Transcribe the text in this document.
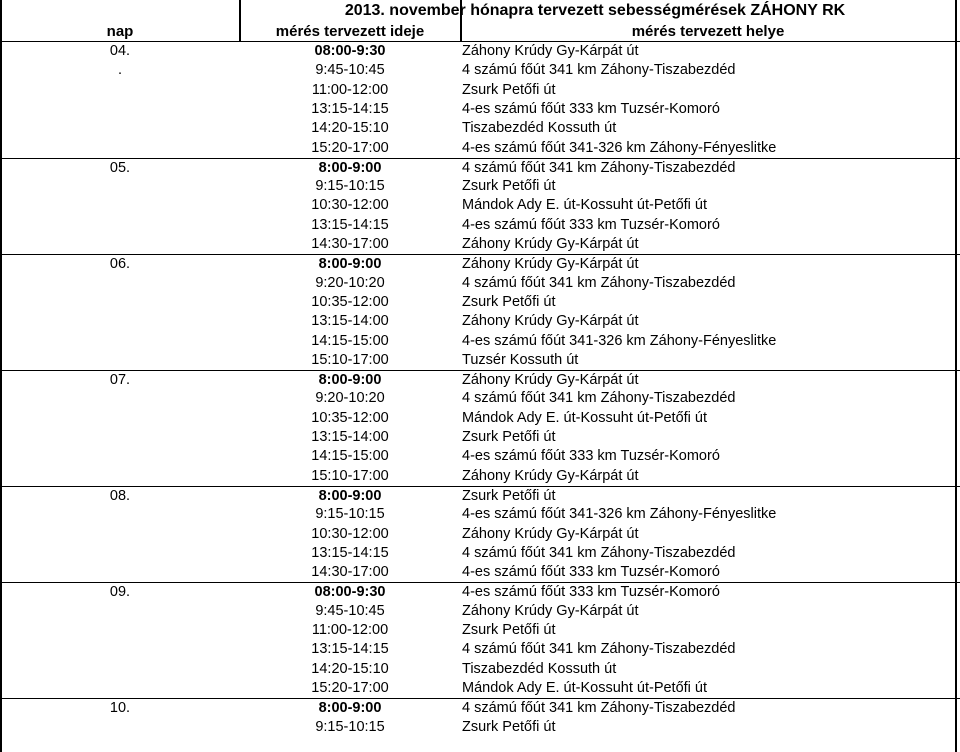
2013. november hónapra tervezett sebességmérések ZÁHONY RK
nap	mérés tervezett ideje	mérés tervezett helye
04.	08:00-9:30	Záhony Krúdy Gy-Kárpát út
.	9:45-10:45	4 számú főút 341 km Záhony-Tiszabezdéd
11:00-12:00	Zsurk Petőfi út
13:15-14:15	4-es számú főút 333 km Tuzsér-Komoró
14:20-15:10	Tiszabezdéd Kossuth út
15:20-17:00	4-es számú főút 341-326 km Záhony-Fényeslitke
05.	8:00-9:00	4 számú főút 341 km Záhony-Tiszabezdéd
9:15-10:15	Zsurk Petőfi út
10:30-12:00	Mándok Ady E. út-Kossuht út-Petőfi út
13:15-14:15	4-es számú főút 333 km Tuzsér-Komoró
14:30-17:00	Záhony Krúdy Gy-Kárpát út
06.	8:00-9:00	Záhony Krúdy Gy-Kárpát út
9:20-10:20	4 számú főút 341 km Záhony-Tiszabezdéd
10:35-12:00	Zsurk Petőfi út
13:15-14:00	Záhony Krúdy Gy-Kárpát út
14:15-15:00	4-es számú főút 341-326 km Záhony-Fényeslitke
15:10-17:00	Tuzsér Kossuth út
07.	8:00-9:00	Záhony Krúdy Gy-Kárpát út
9:20-10:20	4 számú főút 341 km Záhony-Tiszabezdéd
10:35-12:00	Mándok Ady E. út-Kossuht út-Petőfi út
13:15-14:00	Zsurk Petőfi út
14:15-15:00	4-es számú főút 333 km Tuzsér-Komoró
15:10-17:00	Záhony Krúdy Gy-Kárpát út
08.	8:00-9:00	Zsurk Petőfi út
9:15-10:15	4-es számú főút 341-326 km Záhony-Fényeslitke
10:30-12:00	Záhony Krúdy Gy-Kárpát út
13:15-14:15	4 számú főút 341 km Záhony-Tiszabezdéd
14:30-17:00	4-es számú főút 333 km Tuzsér-Komoró
09.	08:00-9:30	4-es számú főút 333 km Tuzsér-Komoró
9:45-10:45	Záhony Krúdy Gy-Kárpát út
11:00-12:00	Zsurk Petőfi út
13:15-14:15	4 számú főút 341 km Záhony-Tiszabezdéd
14:20-15:10	Tiszabezdéd Kossuth út
15:20-17:00	Mándok Ady E. út-Kossuht út-Petőfi út
10.	8:00-9:00	4 számú főút 341 km Záhony-Tiszabezdéd
9:15-10:15	Zsurk Petőfi út
